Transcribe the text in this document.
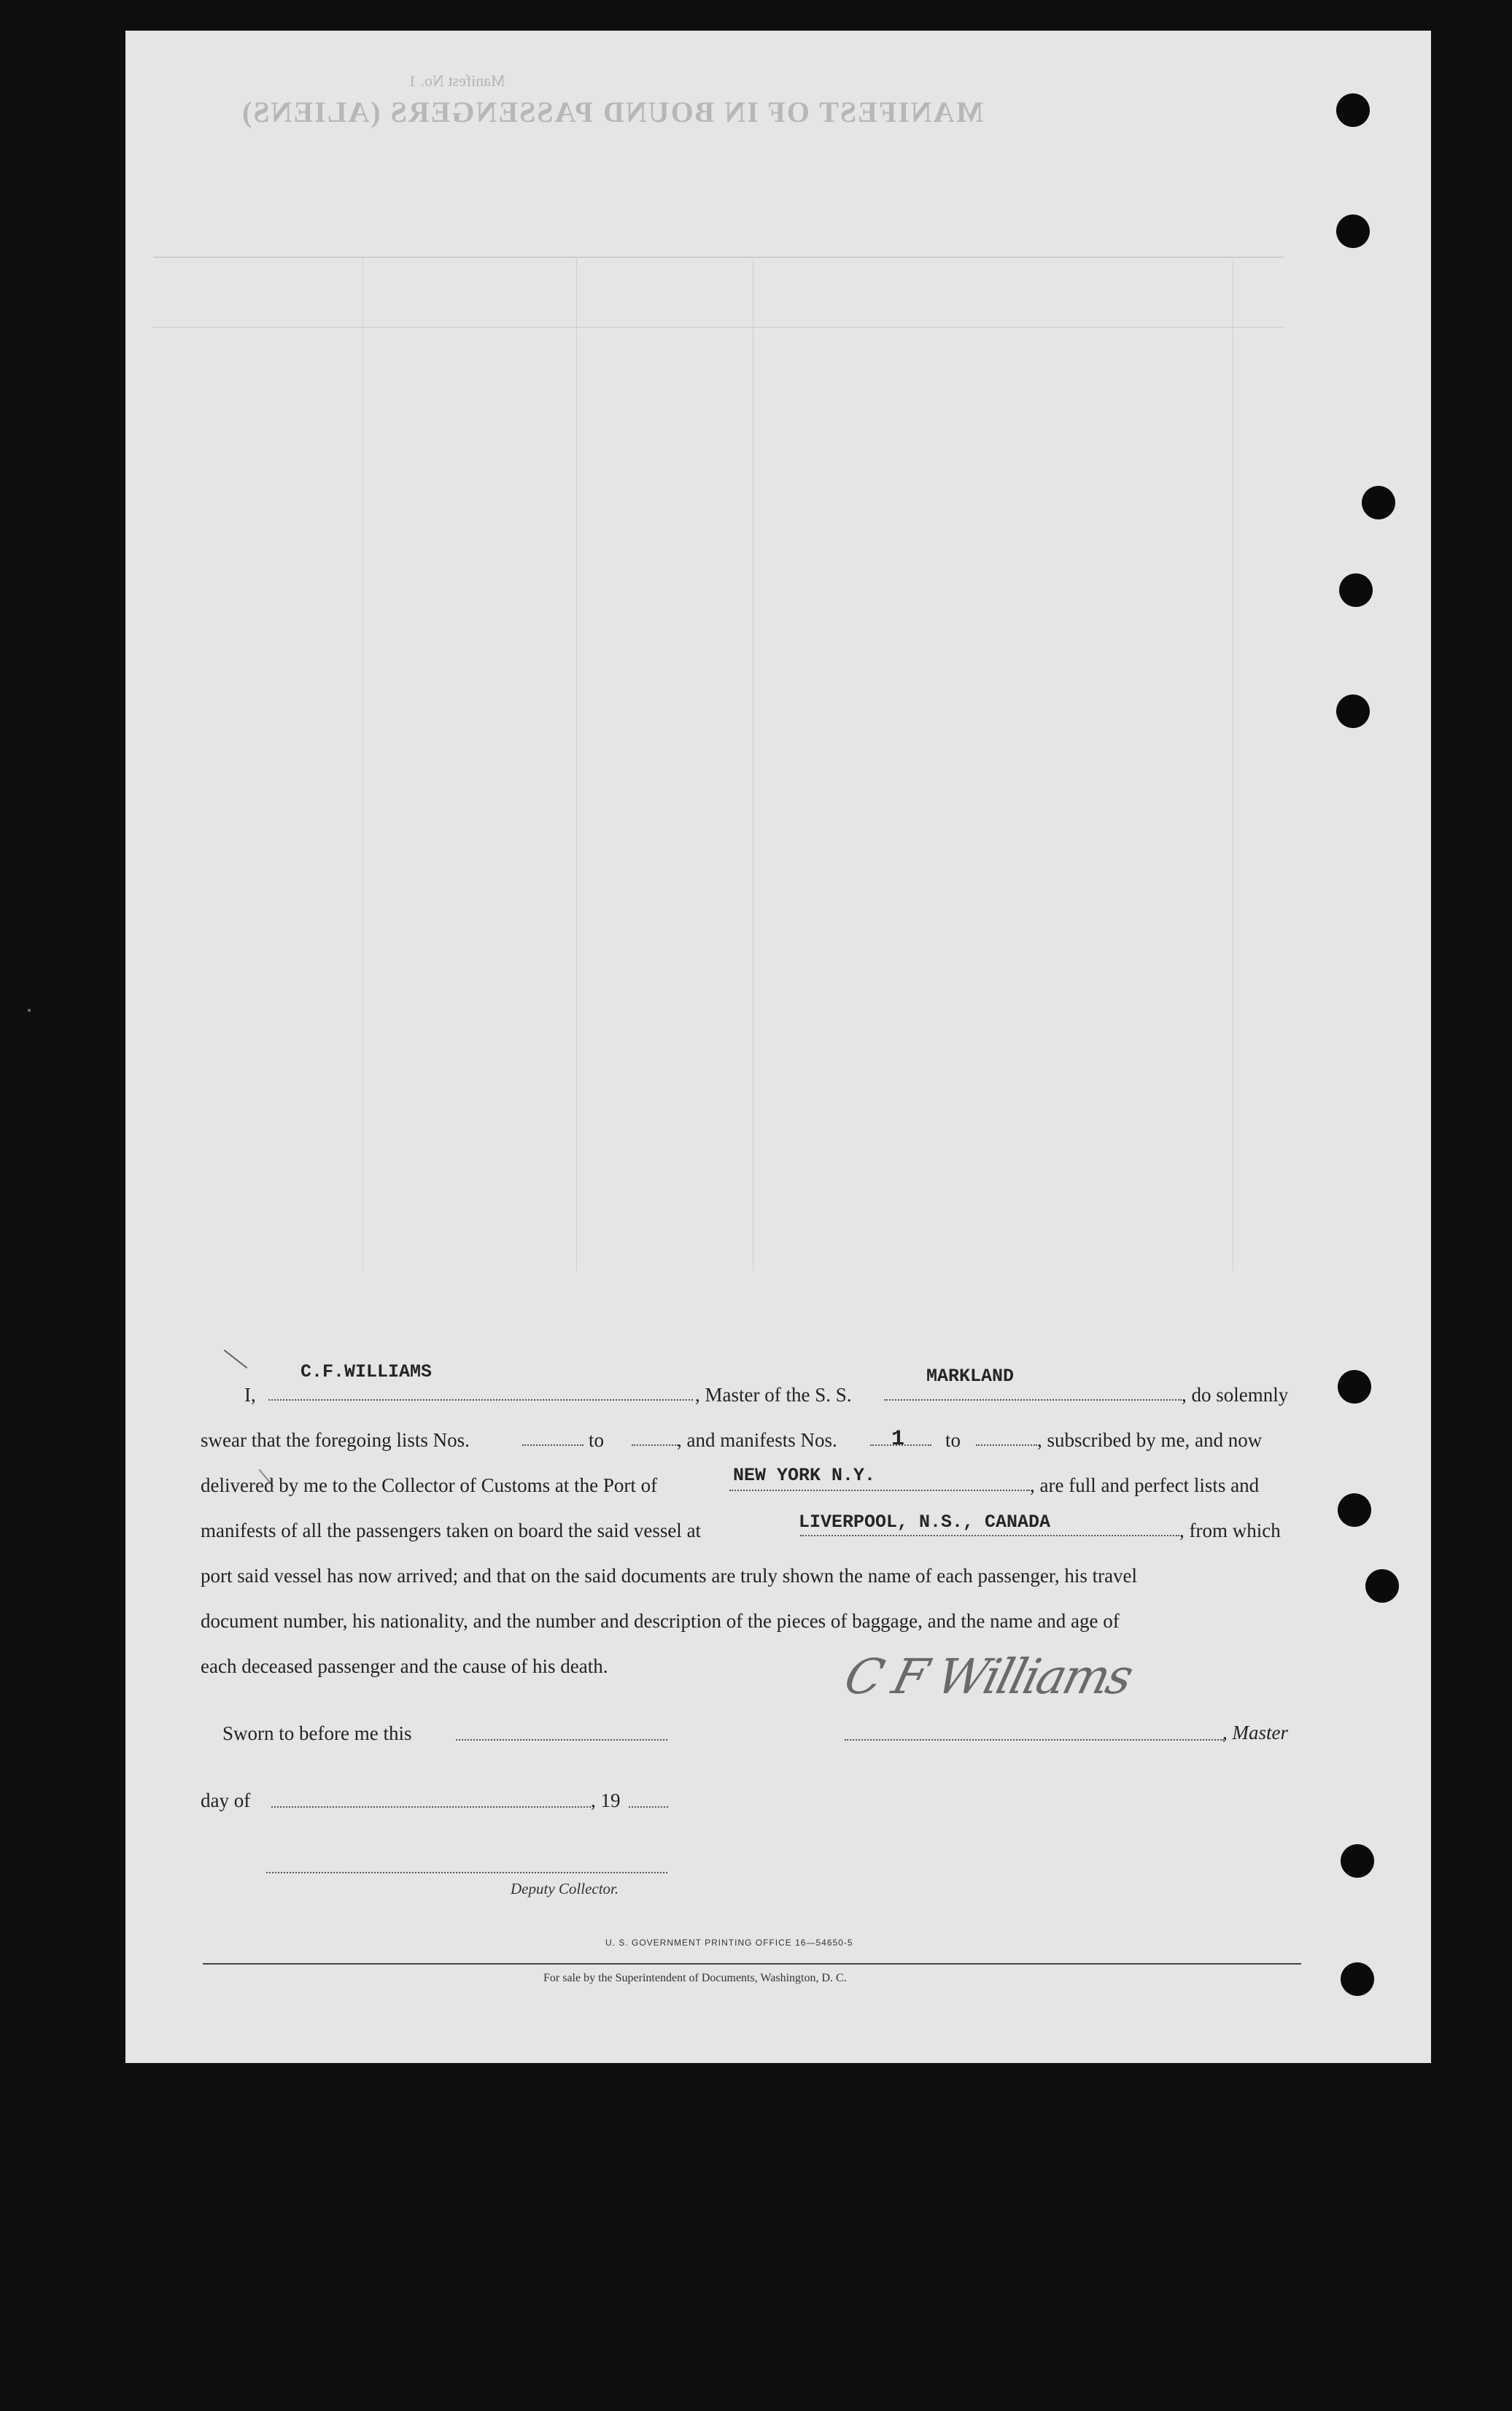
MANIFEST OF IN BOUND PASSENGERS (ALIENS)
Manifest No. 1
I,
C.F.WILLIAMS
, Master of the S. S.
MARKLAND
, do solemnly
swear that the foregoing lists Nos.	to	, and manifests Nos. 1 to	, subscribed by me, and now
delivered by me to the Collector of Customs at the Port of	NEW YORK N.Y.	, are full and perfect lists and
manifests of all the passengers taken on board the said vessel at	LIVERPOOL, N.S., CANADA	, from which
port said vessel has now arrived; and that on the said documents are truly shown the name of each passenger, his travel
document number, his nationality, and the number and description of the pieces of baggage, and the name and age of
each deceased passenger and the cause of his death.
Sworn to before me this
C F Williams
, Master
day of	, 19
Deputy Collector.
U. S. GOVERNMENT PRINTING OFFICE 16—54650-5
For sale by the Superintendent of Documents, Washington, D. C.
